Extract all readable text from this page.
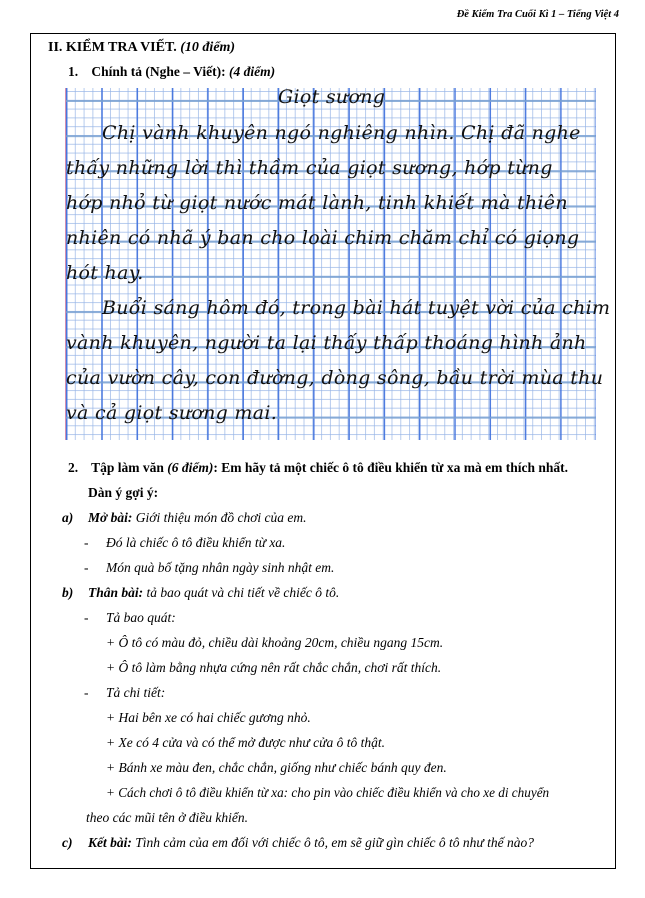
Đề Kiểm Tra Cuối Kì 1 – Tiếng Việt 4
II. KIỂM TRA VIẾT. (10 điểm)
1. Chính tả (Nghe – Viết): (4 điểm)
Giọt sương
Chị vành khuyên ngó nghiêng nhìn. Chị đã nghe
thấy những lời thì thầm của giọt sương, hớp từng
hớp nhỏ từ giọt nước mát lành, tinh khiết mà thiên
nhiên có nhã ý ban cho loài chim chăm chỉ có giọng
hót hay.
Buổi sáng hôm đó, trong bài hát tuyệt vời của chim
vành khuyên, người ta lại thấy thấp thoáng hình ảnh
của vườn cây, con đường, dòng sông, bầu trời mùa thu
và cả giọt sương mai.
2. Tập làm văn (6 điểm): Em hãy tả một chiếc ô tô điều khiển từ xa mà em thích nhất.
Dàn ý gợi ý:
a) Mở bài: Giới thiệu món đồ chơi của em.
- Đó là chiếc ô tô điều khiển từ xa.
- Món quà bố tặng nhân ngày sinh nhật em.
b) Thân bài: tả bao quát và chi tiết về chiếc ô tô.
- Tả bao quát:
+ Ô tô có màu đỏ, chiều dài khoảng 20cm, chiều ngang 15cm.
+ Ô tô làm bằng nhựa cứng nên rất chắc chắn, chơi rất thích.
- Tả chi tiết:
+ Hai bên xe có hai chiếc gương nhỏ.
+ Xe có 4 cửa và có thể mở được như cửa ô tô thật.
+ Bánh xe màu đen, chắc chắn, giống như chiếc bánh quy đen.
+ Cách chơi ô tô điều khiển từ xa: cho pin vào chiếc điều khiển và cho xe di chuyển
theo các mũi tên ở điều khiển.
c) Kết bài: Tình cảm của em đối với chiếc ô tô, em sẽ giữ gìn chiếc ô tô như thế nào?
